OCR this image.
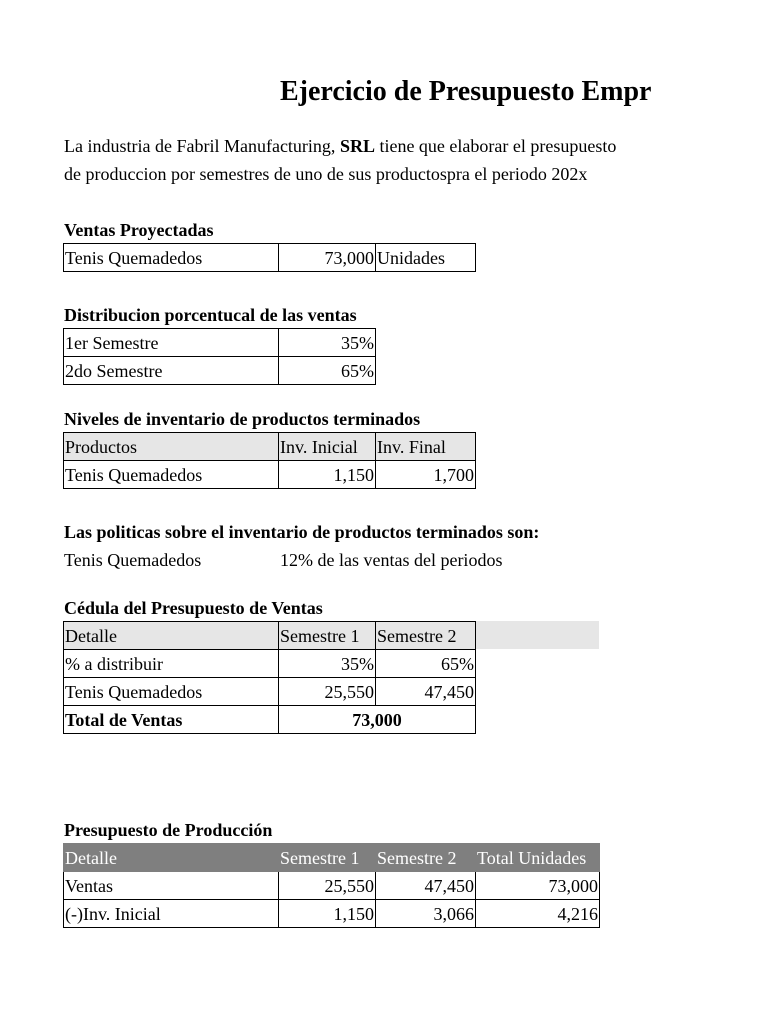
Ejercicio de Presupuesto Empr
La industria de Fabril Manufacturing, SRL tiene que elaborar el presupuesto
de produccion por semestres de uno de sus productospra el periodo 202x
Ventas Proyectadas
Tenis Quemadedos	73,000	Unidades
Distribucion porcentucal de las ventas
1er Semestre	35%
2do Semestre	65%
Niveles de inventario de productos terminados
Productos	Inv. Inicial	Inv. Final
Tenis Quemadedos	1,150	1,700
Las politicas sobre el inventario de productos terminados son:
Tenis Quemadedos	12% de las ventas del periodos
Cédula del Presupuesto de Ventas
Detalle	Semestre 1	Semestre 2
% a distribuir	35%	65%
Tenis Quemadedos	25,550	47,450
Total de Ventas	73,000	
Presupuesto de Producción
Detalle	Semestre 1	Semestre 2	Total Unidades
Ventas	25,550	47,450	73,000
(-)Inv. Inicial	1,150	3,066	4,216
